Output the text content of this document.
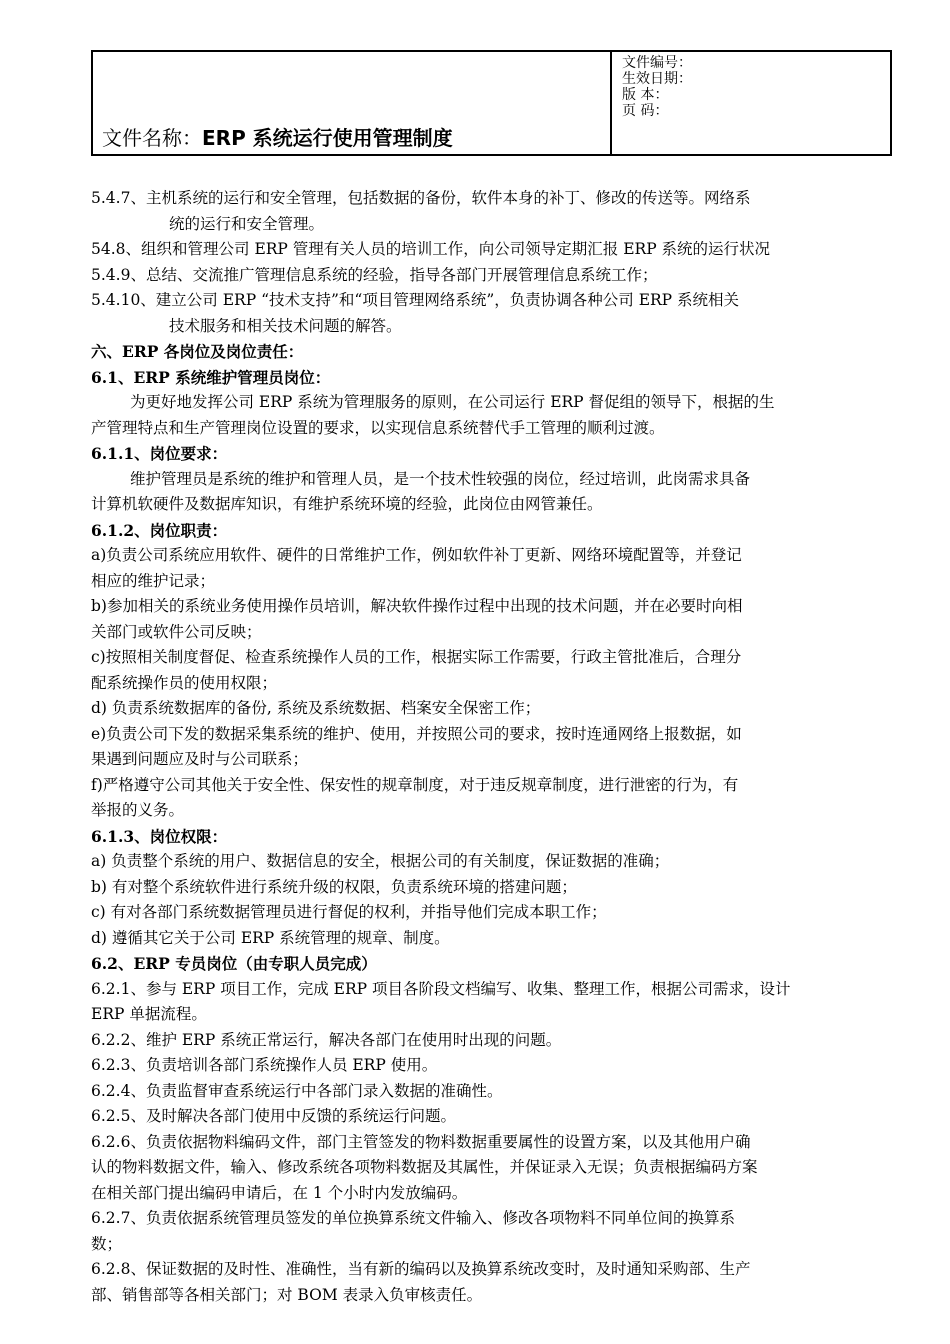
文件名称：ERP 系统运行使用管理制度
文件编号：
生效日期：
版 本：
页 码：
5.4.7、主机系统的运行和安全管理，包括数据的备份，软件本身的补丁、修改的传送等。网络系
统的运行和安全管理。
54.8、组织和管理公司 ERP 管理有关人员的培训工作，向公司领导定期汇报 ERP 系统的运行状况
5.4.9、总结、交流推广管理信息系统的经验，指导各部门开展管理信息系统工作；
5.4.10、建立公司 ERP “技术支持”和“项目管理网络系统”，负责协调各种公司 ERP 系统相关
技术服务和相关技术问题的解答。
六、ERP 各岗位及岗位责任：
6.1、ERP 系统维护管理员岗位：
为更好地发挥公司 ERP 系统为管理服务的原则，在公司运行 ERP 督促组的领导下，根据的生
产管理特点和生产管理岗位设置的要求，以实现信息系统替代手工管理的顺利过渡。
6.1.1、岗位要求：
维护管理员是系统的维护和管理人员，是一个技术性较强的岗位，经过培训，此岗需求具备
计算机软硬件及数据库知识，有维护系统环境的经验，此岗位由网管兼任。
6.1.2、岗位职责：
a)负责公司系统应用软件、硬件的日常维护工作，例如软件补丁更新、网络环境配置等，并登记
相应的维护记录；
b)参加相关的系统业务使用操作员培训，解决软件操作过程中出现的技术问题，并在必要时向相
关部门或软件公司反映；
c)按照相关制度督促、检查系统操作人员的工作，根据实际工作需要，行政主管批准后，合理分
配系统操作员的使用权限；
d) 负责系统数据库的备份, 系统及系统数据、档案安全保密工作；
e)负责公司下发的数据采集系统的维护、使用，并按照公司的要求，按时连通网络上报数据，如
果遇到问题应及时与公司联系；
f)严格遵守公司其他关于安全性、保安性的规章制度，对于违反规章制度，进行泄密的行为，有
举报的义务。
6.1.3、岗位权限：
a) 负责整个系统的用户、数据信息的安全，根据公司的有关制度，保证数据的准确；
b) 有对整个系统软件进行系统升级的权限，负责系统环境的搭建问题；
c) 有对各部门系统数据管理员进行督促的权利，并指导他们完成本职工作；
d) 遵循其它关于公司 ERP 系统管理的规章、制度。
6.2、ERP 专员岗位（由专职人员完成）
6.2.1、参与 ERP 项目工作，完成 ERP 项目各阶段文档编写、收集、整理工作，根据公司需求，设计
ERP 单据流程。
6.2.2、维护 ERP 系统正常运行，解决各部门在使用时出现的问题。
6.2.3、负责培训各部门系统操作人员 ERP 使用。
6.2.4、负责监督审查系统运行中各部门录入数据的准确性。
6.2.5、及时解决各部门使用中反馈的系统运行问题。
6.2.6、负责依据物料编码文件，部门主管签发的物料数据重要属性的设置方案，以及其他用户确
认的物料数据文件，输入、修改系统各项物料数据及其属性，并保证录入无误；负责根据编码方案
在相关部门提出编码申请后，在 1 个小时内发放编码。
6.2.7、负责依据系统管理员签发的单位换算系统文件输入、修改各项物料不同单位间的换算系
数；
6.2.8、保证数据的及时性、准确性，当有新的编码以及换算系统改变时，及时通知采购部、生产
部、销售部等各相关部门；对 BOM 表录入负审核责任。
